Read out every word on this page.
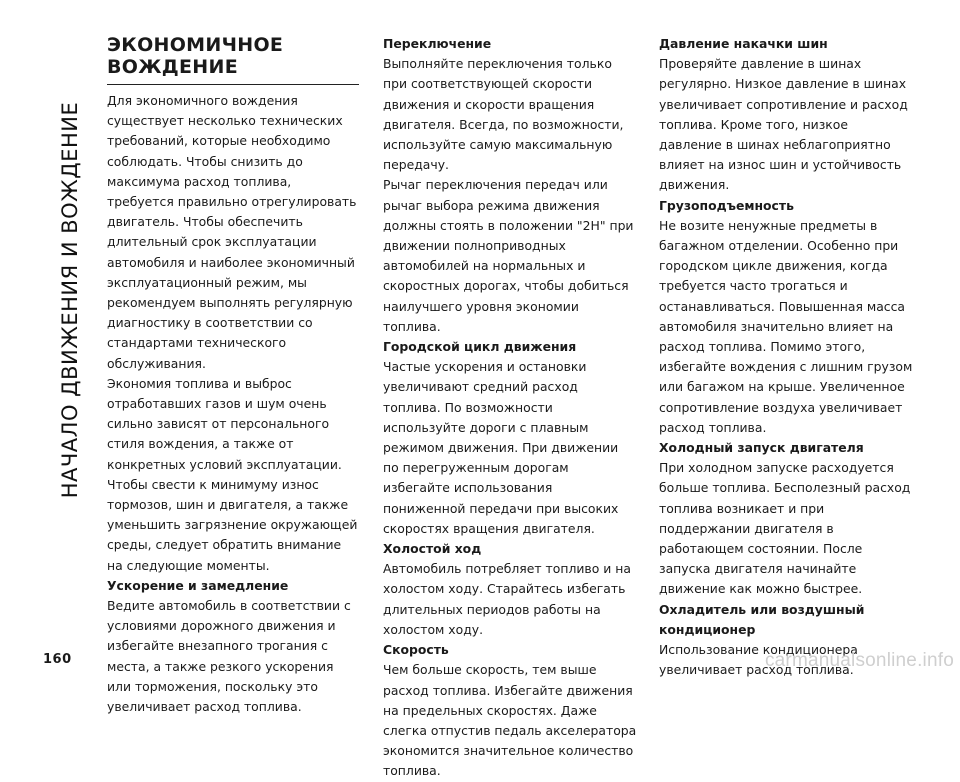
НАЧАЛО ДВИЖЕНИЯ И ВОЖДЕНИЕ
ЭКОНОМИЧНОЕ
ВОЖДЕНИЕ

Для экономичного вождения существует несколько технических требований, которые необходимо соблюдать. Чтобы снизить до максимума расход топлива, требуется правильно отрегулировать двигатель. Чтобы обеспечить длительный срок эксплуатации автомобиля и наиболее экономичный эксплуатационный режим, мы рекомендуем выполнять регулярную диагностику в соответствии со стандартами технического обслуживания.

Экономия топлива и выброс отработавших газов и шум очень сильно зависят от персонального стиля вождения, а также от конкретных условий эксплуатации. Чтобы свести к минимуму износ тормозов, шин и двигателя, а также уменьшить загрязнение окружающей среды, следует обратить внимание на следующие моменты.

Ускорение и замедление

Ведите автомобиль в соответствии с условиями дорожного движения и избегайте внезапного трогания с места, а также резкого ускорения или торможения, поскольку это увеличивает расход топлива.

Переключение

Выполняйте переключения только при соответствующей скорости движения и скорости вращения двигателя. Всегда, по возможности, используйте самую максимальную передачу.

Рычаг переключения передач или рычаг выбора режима движения должны стоять в положении "2H" при движении полноприводных автомобилей на нормальных и скоростных дорогах, чтобы добиться наилучшего уровня экономии топлива.

Городской цикл движения

Частые ускорения и остановки увеличивают средний расход топлива. По возможности используйте дороги с плавным режимом движения. При движении по перегруженным дорогам избегайте использования пониженной передачи при высоких скоростях вращения двигателя.

Холостой ход

Автомобиль потребляет топливо и на холостом ходу. Старайтесь избегать длительных периодов работы на холостом ходу.

Скорость

Чем больше скорость, тем выше расход топлива. Избегайте движения на предельных скоростях. Даже слегка отпустив педаль акселератора экономится значительное количество топлива.

Давление накачки шин

Проверяйте давление в шинах регулярно. Низкое давление в шинах увеличивает сопротивление и расход топлива. Кроме того, низкое давление в шинах неблагоприятно влияет на износ шин и устойчивость движения.

Грузоподъемность

Не возите ненужные предметы в багажном отделении. Особенно при городском цикле движения, когда требуется часто трогаться и останавливаться. Повышенная масса автомобиля значительно влияет на расход топлива. Помимо этого, избегайте вождения с лишним грузом или багажом на крыше. Увеличенное сопротивление воздуха увеличивает расход топлива.

Холодный запуск двигателя

При холодном запуске расходуется больше топлива. Бесполезный расход топлива возникает и при поддержании двигателя в работающем состоянии. После запуска двигателя начинайте движение как можно быстрее.

Охладитель или воздушный кондиционер

Использование кондиционера увеличивает расход топлива.

160	carmanualsonline.info
